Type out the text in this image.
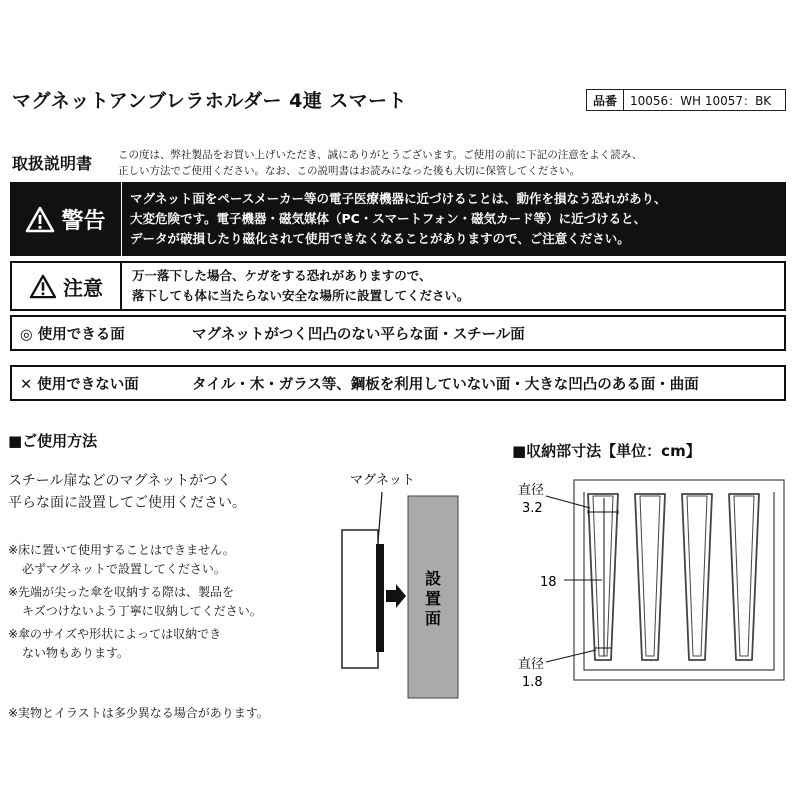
マグネットアンブレラホルダー 4連 スマート	品番	10056：WH 10057：BK
取扱説明書 この度は、弊社製品をお買い上げいただき、誠にありがとうございます。ご使用の前に下記の注意をよく読み、
正しい方法でご使用ください。なお、この説明書はお読みになった後も大切に保管してください。
警告
マグネット面をペースメーカー等の電子医療機器に近づけることは、動作を損なう恐れがあり、
大変危険です。電子機器・磁気媒体（PC・スマートフォン・磁気カード等）に近づけると、
データが破損したり磁化されて使用できなくなることがありますので、ご注意ください。
注意 万一落下した場合、ケガをする恐れがありますので、
落下しても体に当たらない安全な場所に設置してください。
◎ 使用できる面	マグネットがつく凹凸のない平らな面・スチール面
✕ 使用できない面	タイル・木・ガラス等、鋼板を利用していない面・大きな凹凸のある面・曲面
■ご使用方法
スチール扉などのマグネットがつく
平らな面に設置してご使用ください。
※床に置いて使用することはできません。
必ずマグネットで設置してください。
※先端が尖った傘を収納する際は、製品を
キズつけないよう丁寧に収納してください。
※傘のサイズや形状によっては収納でき
ない物もあります。
※実物とイラストは多少異なる場合があります。
マグネット
設
置
面
■収納部寸法【単位：cm】
直径
3.2
18
直径
1.8
